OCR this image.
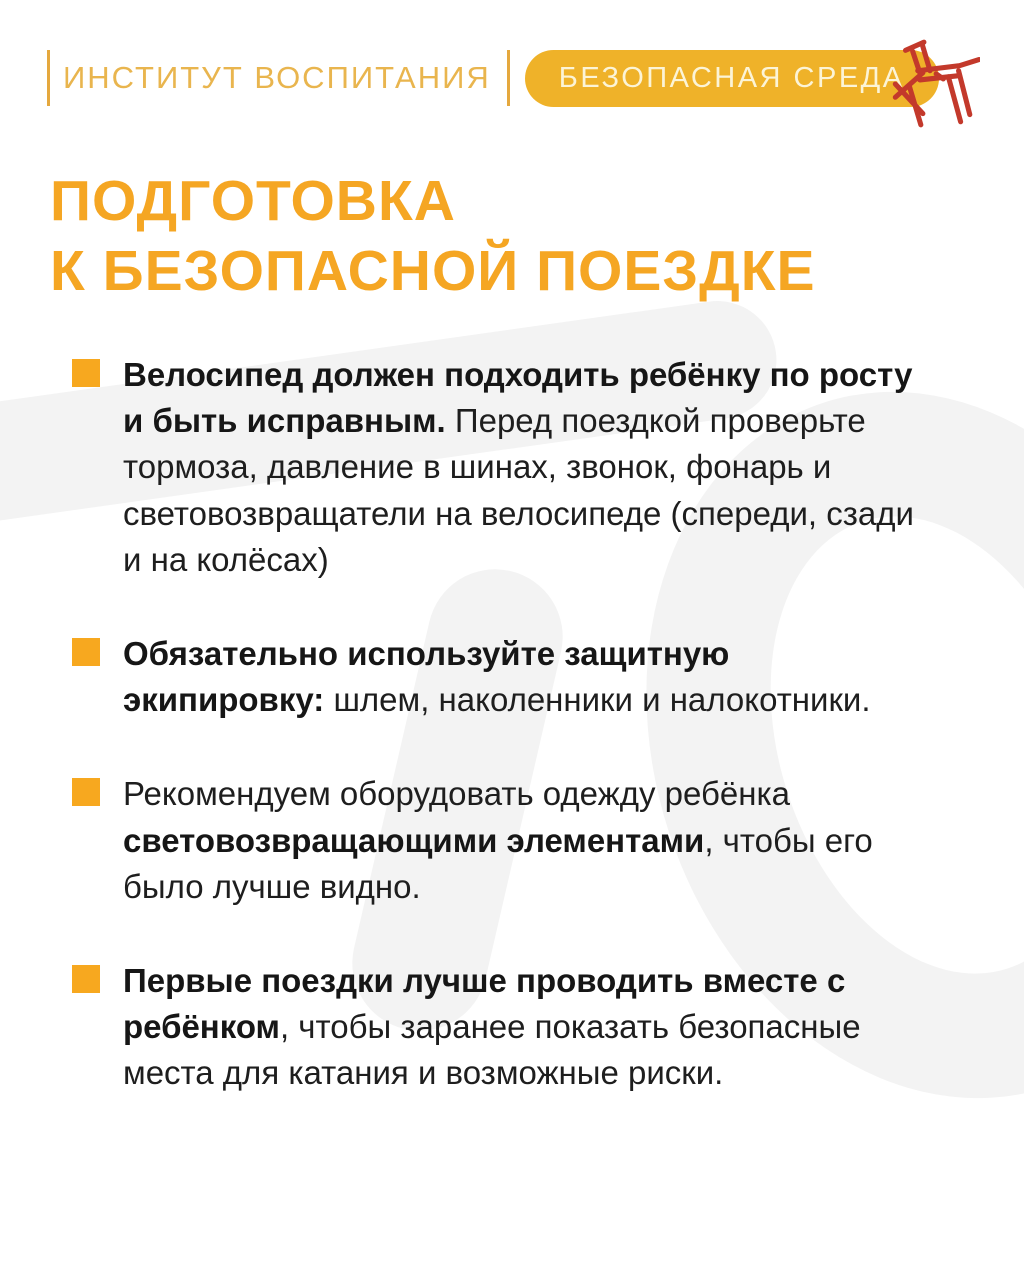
ИНСТИТУТ ВОСПИТАНИЯ	БЕЗОПАСНАЯ СРЕДА
ПОДГОТОВКА
К БЕЗОПАСНОЙ ПОЕЗДКЕ

Велосипед должен подходить ребёнку по росту и быть исправным. Перед поездкой проверьте тормоза, давление в шинах, звонок, фонарь и световозвращатели на велосипеде (спереди, сзади и на колёсах)

Обязательно используйте защитную экипировку: шлем, наколенники и налокотники.

Рекомендуем оборудовать одежду ребёнка световозвращающими элементами, чтобы его было лучше видно.

Первые поездки лучше проводить вместе с ребёнком, чтобы заранее показать безопасные места для катания и возможные риски.
